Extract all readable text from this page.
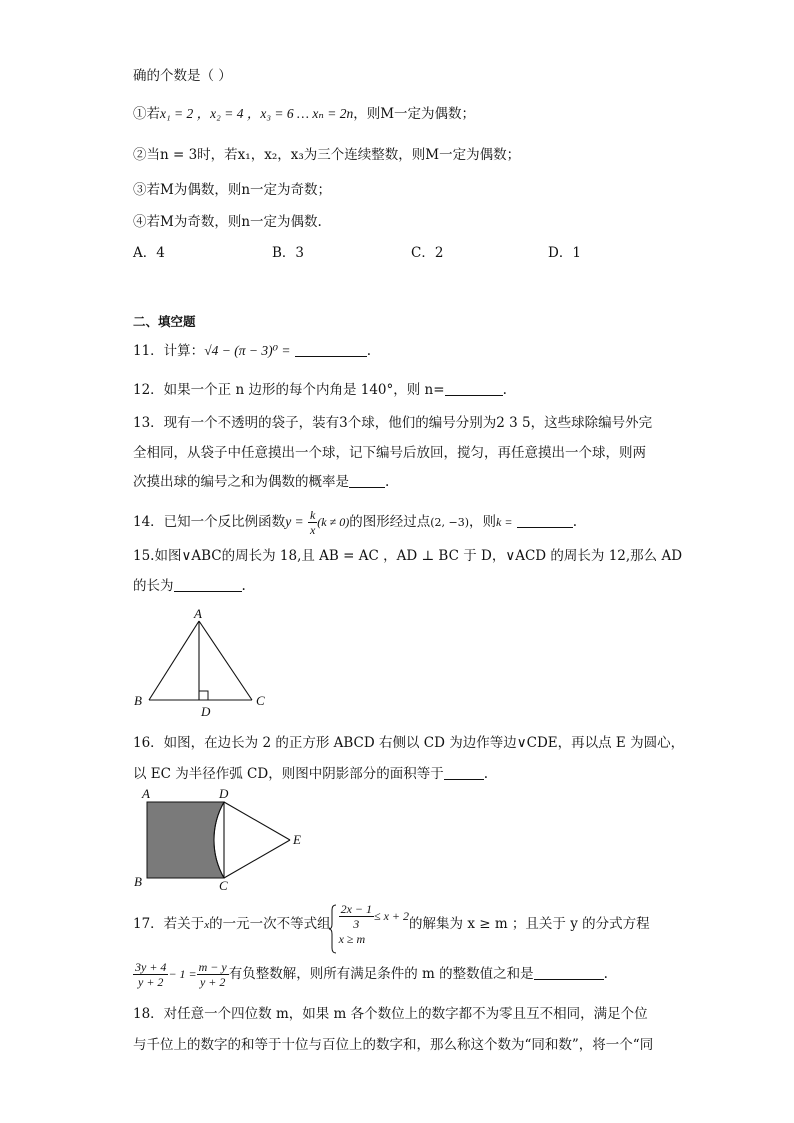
确的个数是（ ）
①若x₁ = 2 ，x₂ = 4 ，x₃ = 6 … xₙ = 2n，则M一定为偶数；
②当n = 3时，若x₁，x₂，x₃为三个连续整数，则M一定为偶数；
③若M为偶数，则n一定为奇数；
④若M为奇数，则n一定为偶数.
A．4	B．3	C．2	D．1
二、填空题
11．计算：√4 − (π − 3)⁰ =	.
12．如果一个正 n 边形的每个内角是 140°，则 n=	.
13．现有一个不透明的袋子，装有3个球，他们的编号分别为2 3 5，这些球除编号外完
全相同，从袋子中任意摸出一个球，记下编号后放回，搅匀，再任意摸出一个球，则两
次摸出球的编号之和为偶数的概率是	.
14．已知一个反比例函数$y = \frac{k}{x} (k \ne 0)$的图形经过点(2, −3)，则k =	.
15.如图∨ABC的周长为 18,且 AB = AC ，AD ⊥ BC 于 D，∨ACD 的周长为 12,那么 AD
的长为	.
A
B	C
D
16．如图，在边长为 2 的正方形 ABCD 右侧以 CD 为边作等边∨CDE，再以点 E 为圆心，
以 EC 为半径作弧 CD，则图中阴影部分的面积等于	.
A	D
B	C
E
17．若关于x的一元一次不等式组 $\frac{2x - 1}{3} \le x + 2$
x ≥ m
的解集为 x ≥ m ；且关于 y 的分式方程
$\frac{3y + 4}{y + 2} - 1 = \frac{m - y}{y + 2}$ 有负整数解，则所有满足条件的 m 的整数值之和是	.
18．对任意一个四位数 m，如果 m 各个数位上的数字都不为零且互不相同，满足个位
与千位上的数字的和等于十位与百位上的数字和，那么称这个数为“同和数”，将一个“同
